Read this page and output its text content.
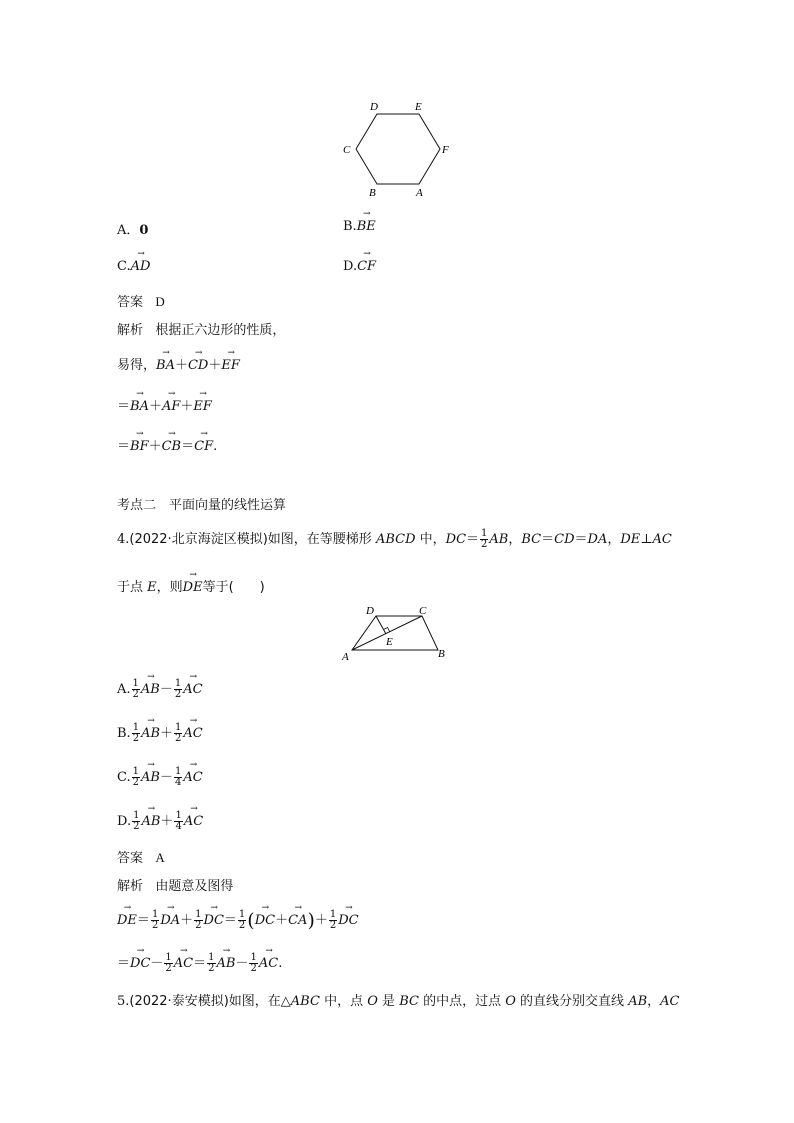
D	E
C	F
B	A
A．0	B.→ BE
C.→ AD	D.→ CF
答案 D
解析 根据正六边形的性质，
易得，→ BA＋→ CD＋→ EF
＝→ BA＋→ AF＋→ EF
＝→ BF＋→ CB＝→ CF.
考点二　平面向量的线性运算
4.(2022·北京海淀区模拟)如图，在等腰梯形 ABCD 中，$DC= \frac{1}{2}$ AB，BC＝CD＝DA，DE⊥AC
于点 E，则→ DE等于(　　)
D	C
E
A	B
A. $\frac{1}{2}$
→ $AB- \frac{1}{2}$
→ AC
B. $\frac{1}{2}$
→ $AB+ \frac{1}{2}$
→ AC
C. $\frac{1}{2}$
→ $AB- \frac{1}{4}$
→ AC
D. $\frac{1}{2}$
→ $AB+ \frac{1}{4}$
→ AC
答案 A
解析 由题意及图得
→ $DE= \frac{1}{2}$
→ $DA+ \frac{1}{2}$
→ $DC= \frac{1}{2}$ (→ $DC+\to CA)+ \frac{1}{2}$
→ DC
＝→ $DC- \frac{1}{2}$
→ $AC= \frac{1}{2}$
→ $AB- \frac{1}{2}$
→ AC.
5.(2022·泰安模拟)如图，在△ABC 中，点 O 是 BC 的中点，过点 O 的直线分别交直线 AB，AC
